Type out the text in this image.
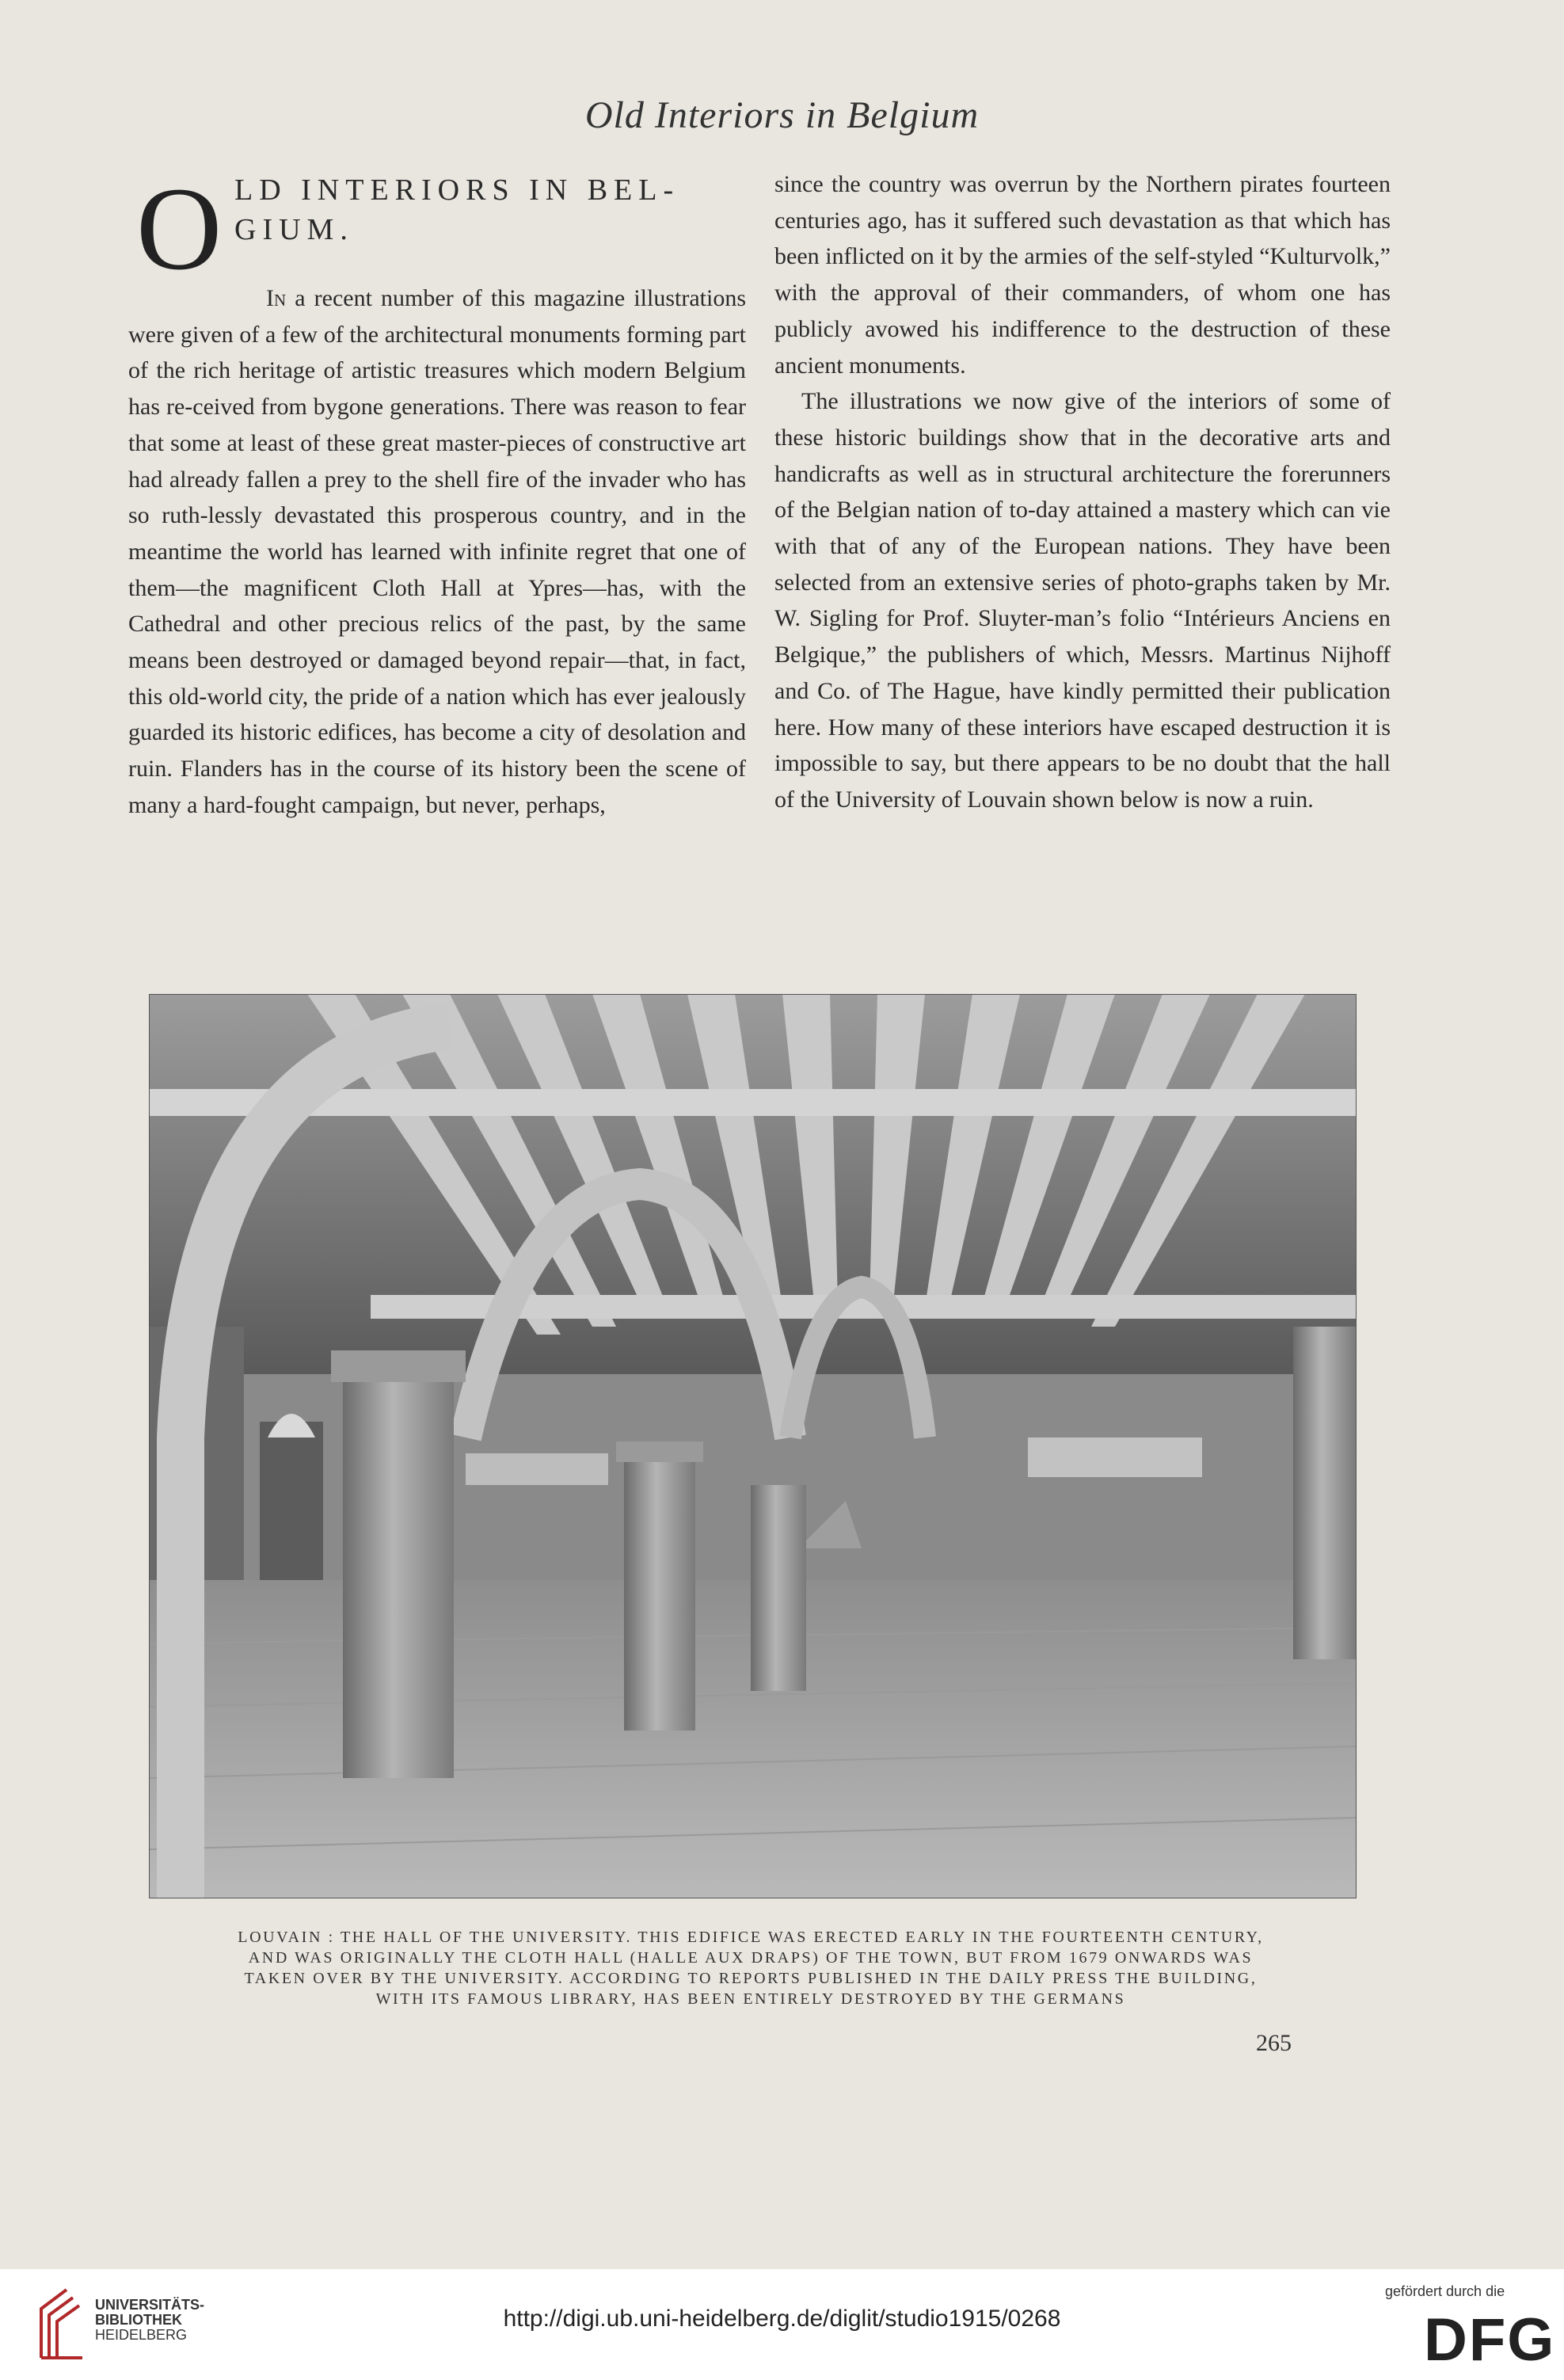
Old Interiors in Belgium
O LD INTERIORS IN BEL-
GIUM.

In a recent number of this magazine illustrations were given of a few of the architectural monuments forming part of the rich heritage of artistic treasures which modern Belgium has re-ceived from bygone generations. There was reason to fear that some at least of these great master-pieces of constructive art had already fallen a prey to the shell fire of the invader who has so ruth-lessly devastated this prosperous country, and in the meantime the world has learned with infinite regret that one of them—the magnificent Cloth Hall at Ypres—has, with the Cathedral and other precious relics of the past, by the same means been destroyed or damaged beyond repair—that, in fact, this old-world city, the pride of a nation which has ever jealously guarded its historic edifices, has become a city of desolation and ruin. Flanders has in the course of its history been the scene of many a hard-fought campaign, but never, perhaps,

since the country was overrun by the Northern pirates fourteen centuries ago, has it suffered such devastation as that which has been inflicted on it by the armies of the self-styled “Kulturvolk,” with the approval of their commanders, of whom one has publicly avowed his indifference to the destruction of these ancient monuments.

The illustrations we now give of the interiors of some of these historic buildings show that in the decorative arts and handicrafts as well as in structural architecture the forerunners of the Belgian nation of to-day attained a mastery which can vie with that of any of the European nations. They have been selected from an extensive series of photo-graphs taken by Mr. W. Sigling for Prof. Sluyter-man’s folio “Intérieurs Anciens en Belgique,” the publishers of which, Messrs. Martinus Nijhoff and Co. of The Hague, have kindly permitted their publication here. How many of these interiors have escaped destruction it is impossible to say, but there appears to be no doubt that the hall of the University of Louvain shown below is now a ruin.

LOUVAIN : THE HALL OF THE UNIVERSITY. THIS EDIFICE WAS ERECTED EARLY IN THE FOURTEENTH CENTURY,
AND WAS ORIGINALLY THE CLOTH HALL (HALLE AUX DRAPS) OF THE TOWN, BUT FROM 1679 ONWARDS WAS
TAKEN OVER BY THE UNIVERSITY. ACCORDING TO REPORTS PUBLISHED IN THE DAILY PRESS THE BUILDING,
WITH ITS FAMOUS LIBRARY, HAS BEEN ENTIRELY DESTROYED BY THE GERMANS
265
UNIVERSITÄTS-
BIBLIOTHEK
HEIDELBERG
http://digi.ub.uni-heidelberg.de/diglit/studio1915/0268
gefördert durch die
DFG
